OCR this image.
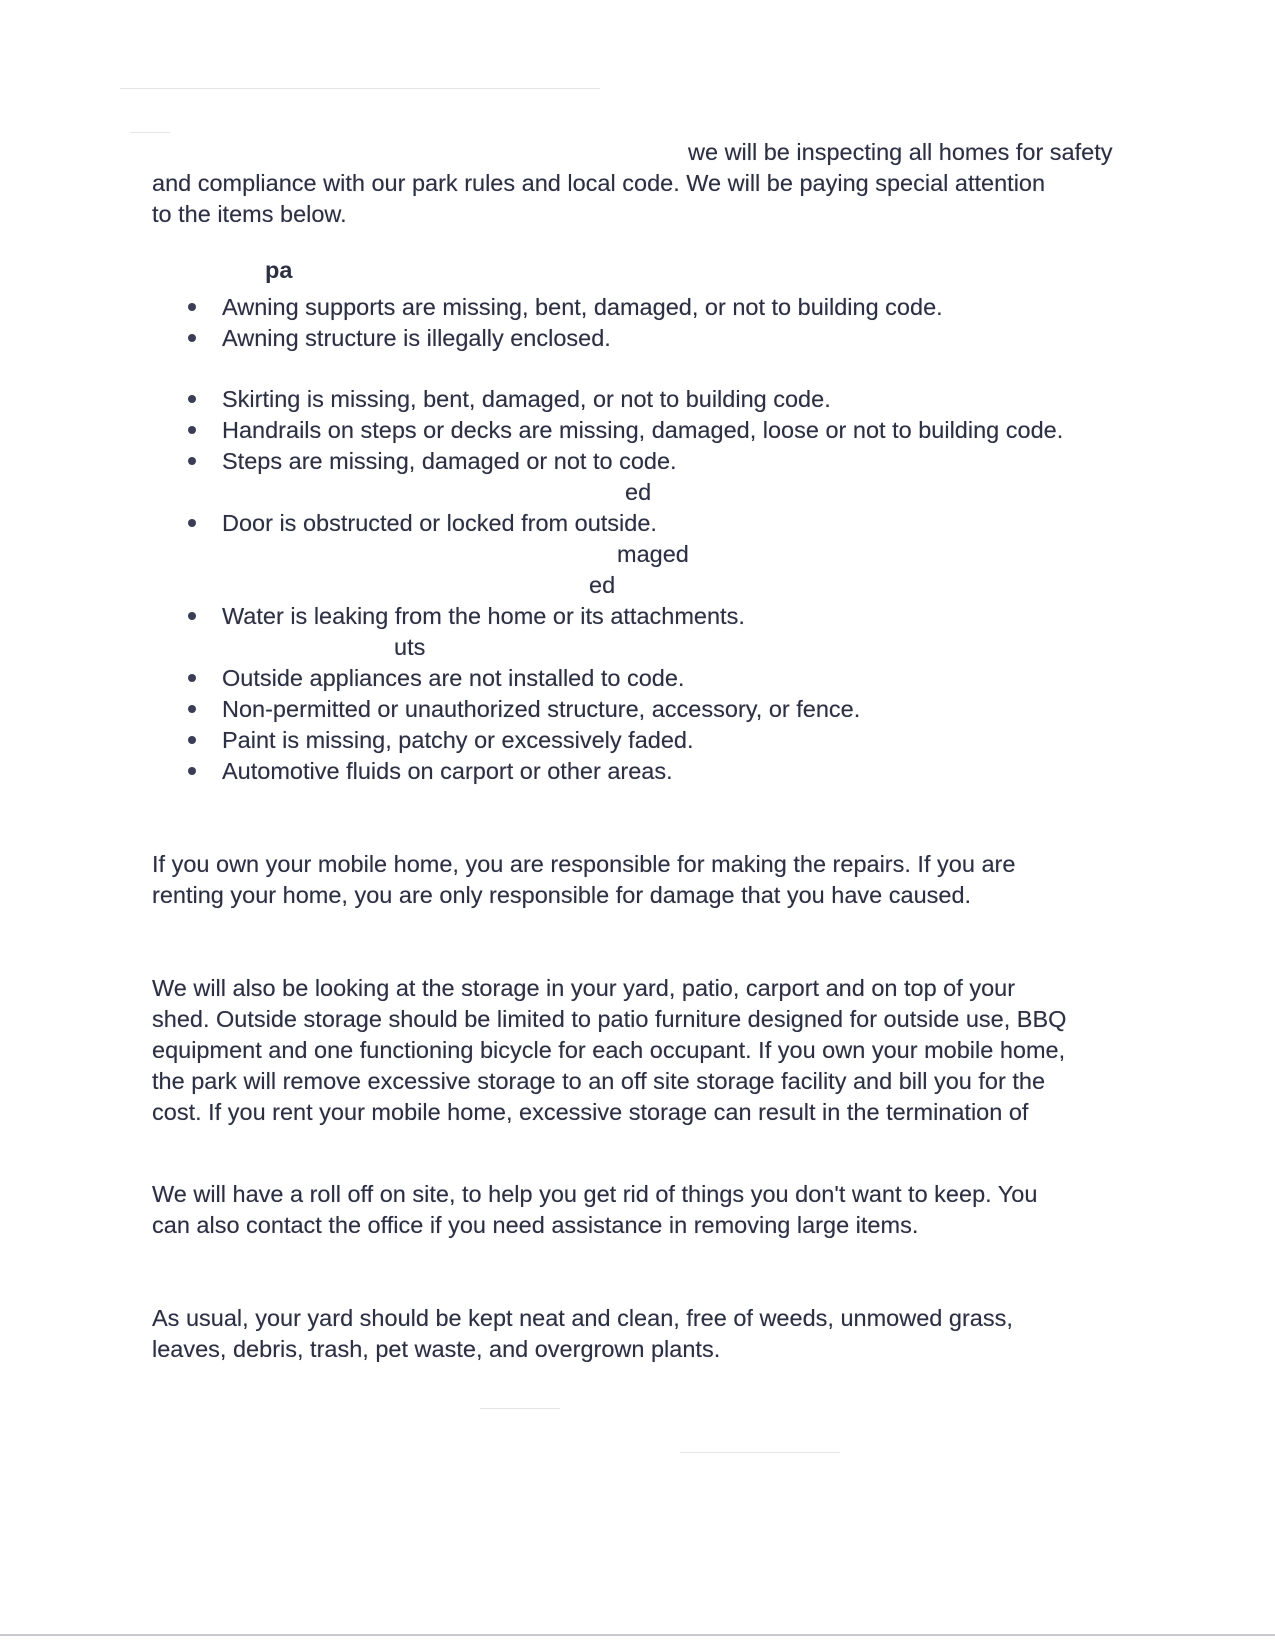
we will be inspecting all homes for safety
and compliance with our park rules and local code. We will be paying special attention
to the items below.
pa
Awning supports are missing, bent, damaged, or not to building code.
Awning structure is illegally enclosed.
Skirting is missing, bent, damaged, or not to building code.
Handrails on steps or decks are missing, damaged, loose or not to building code.
Steps are missing, damaged or not to code.
ed
Door is obstructed or locked from outside.
maged
ed
Water is leaking from the home or its attachments.
uts
Outside appliances are not installed to code.
Non-permitted or unauthorized structure, accessory, or fence.
Paint is missing, patchy or excessively faded.
Automotive fluids on carport or other areas.
If you own your mobile home, you are responsible for making the repairs. If you are
renting your home, you are only responsible for damage that you have caused.
We will also be looking at the storage in your yard, patio, carport and on top of your
shed. Outside storage should be limited to patio furniture designed for outside use, BBQ
equipment and one functioning bicycle for each occupant. If you own your mobile home,
the park will remove excessive storage to an off site storage facility and bill you for the
cost. If you rent your mobile home, excessive storage can result in the termination of
We will have a roll off on site, to help you get rid of things you don't want to keep. You
can also contact the office if you need assistance in removing large items.
As usual, your yard should be kept neat and clean, free of weeds, unmowed grass,
leaves, debris, trash, pet waste, and overgrown plants.
